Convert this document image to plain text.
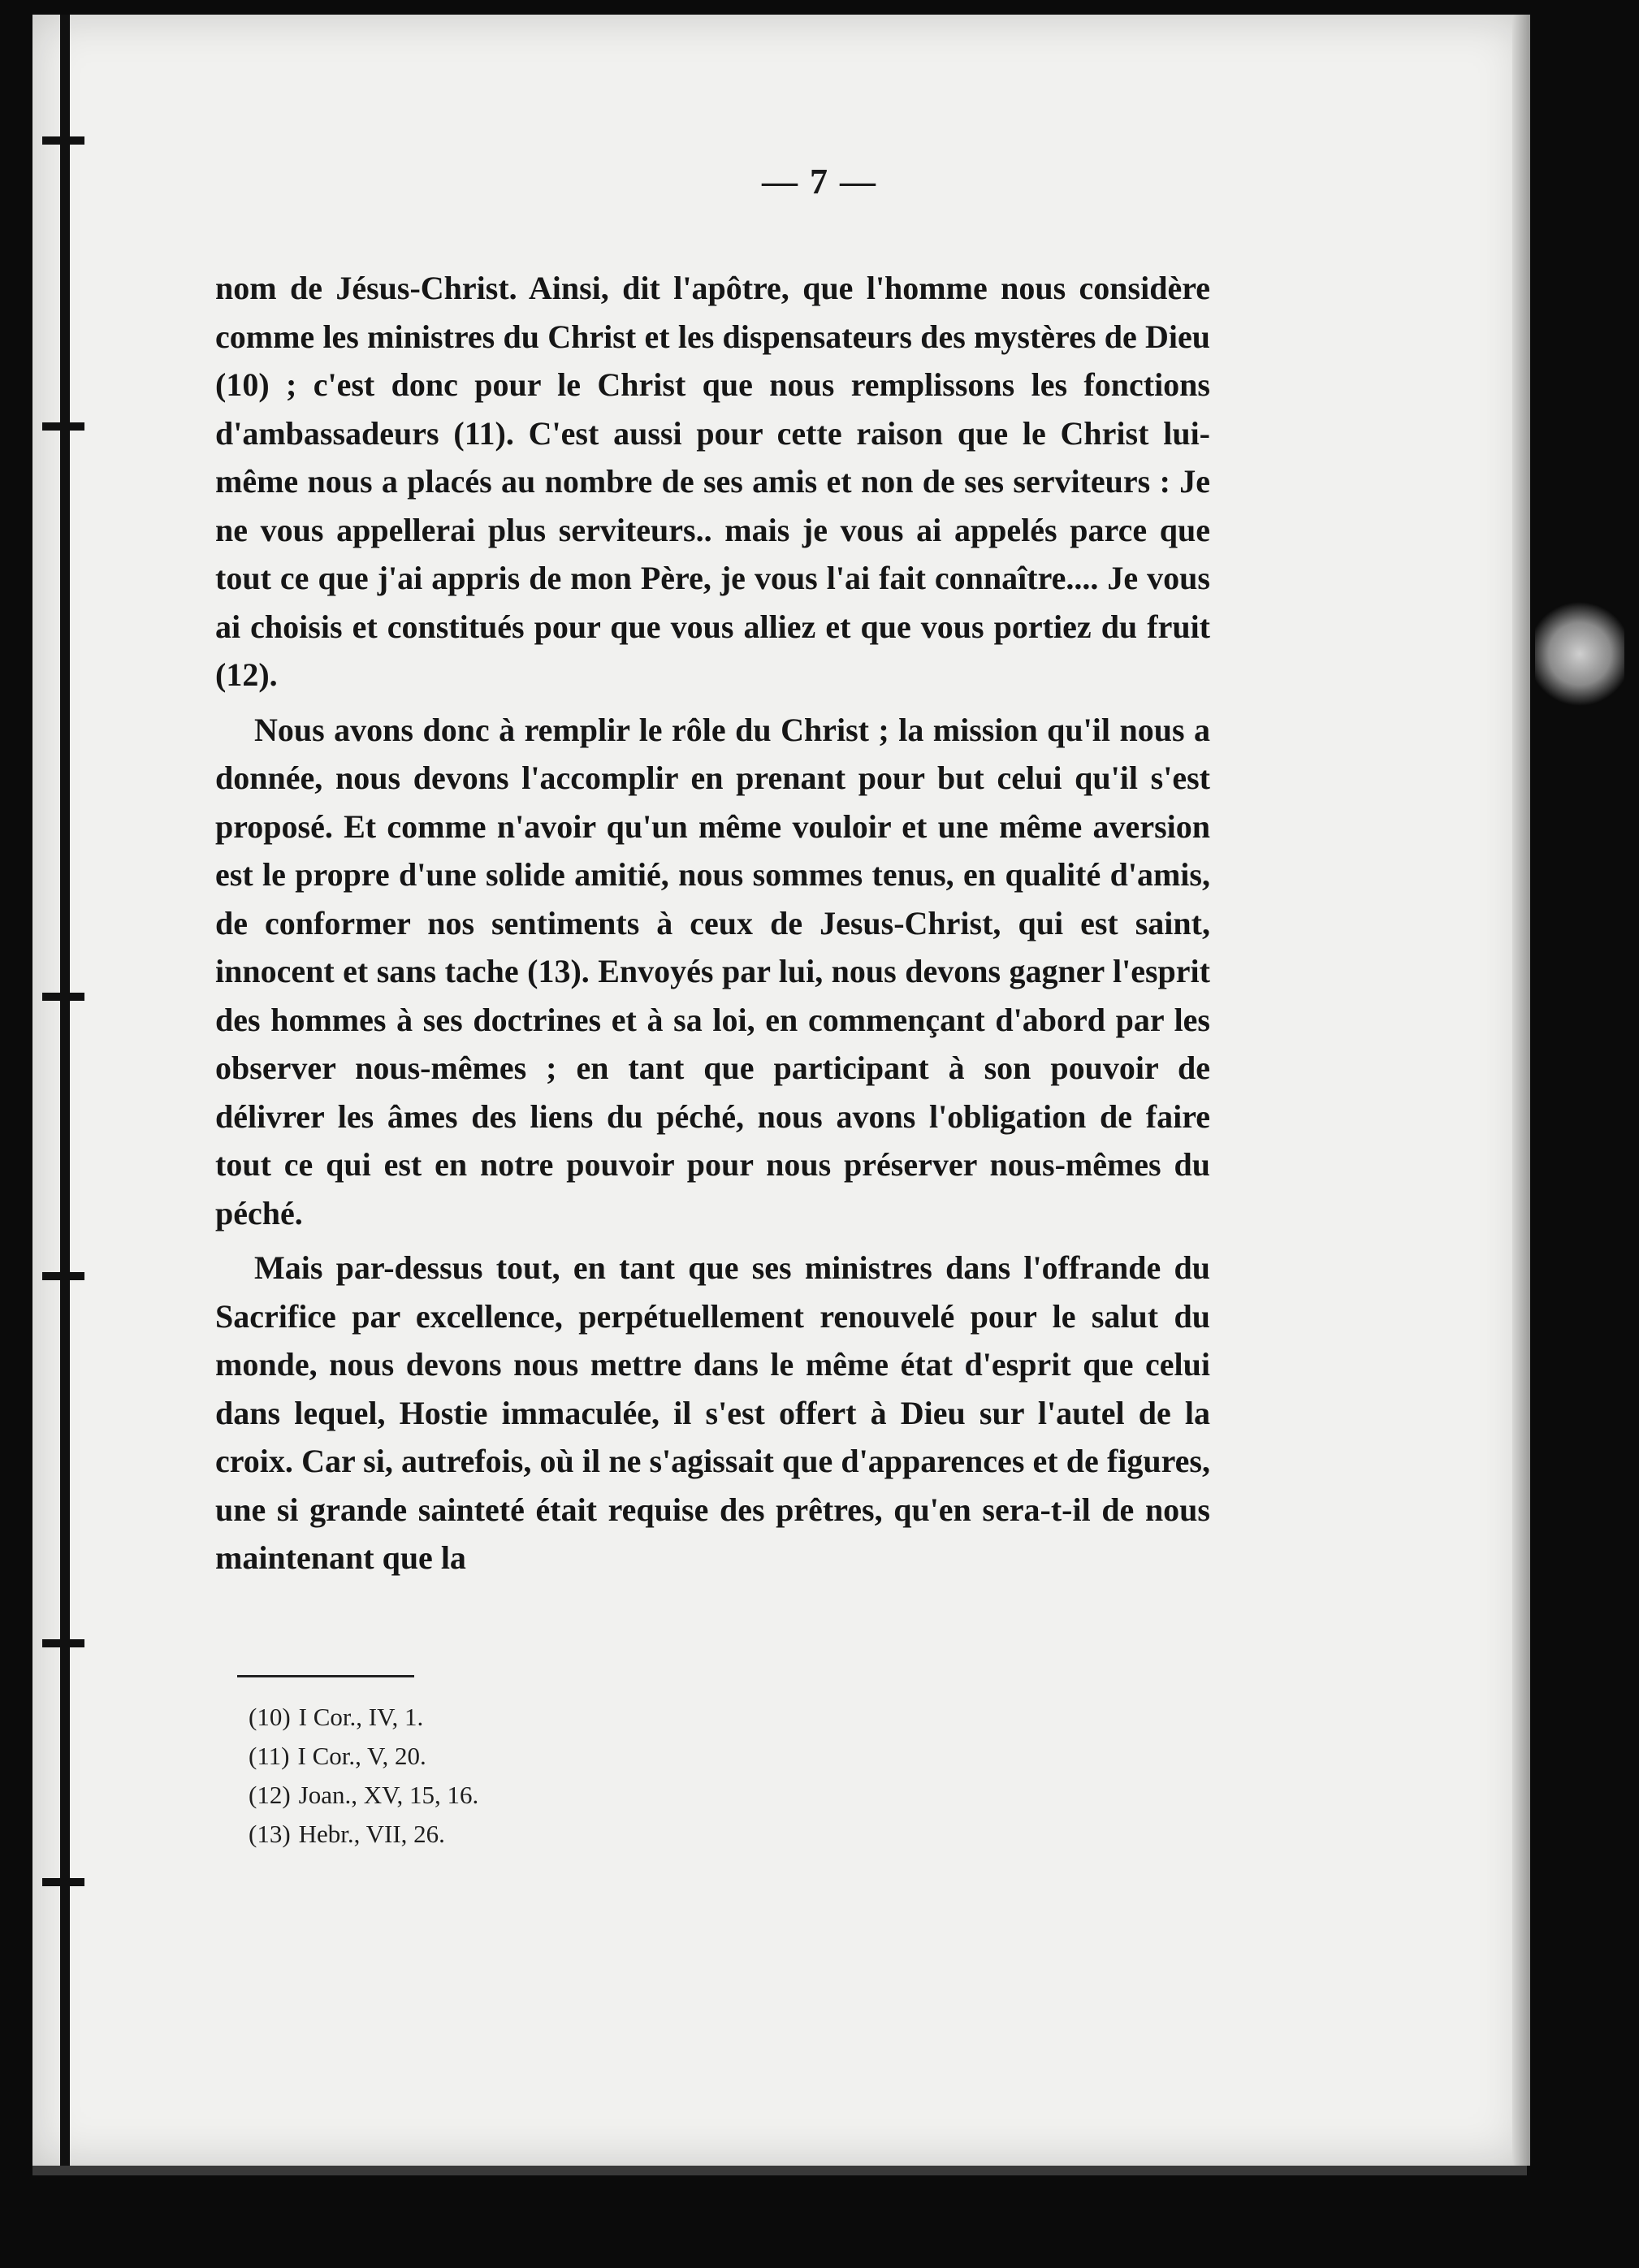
— 7 —

nom de Jésus-Christ. Ainsi, dit l'apôtre, que l'homme nous considère comme les ministres du Christ et les dispensateurs des mystères de Dieu (10) ; c'est donc pour le Christ que nous remplissons les fonctions d'ambassadeurs (11). C'est aussi pour cette raison que le Christ lui-même nous a placés au nombre de ses amis et non de ses serviteurs : Je ne vous appellerai plus serviteurs.. mais je vous ai appelés parce que tout ce que j'ai appris de mon Père, je vous l'ai fait connaître.... Je vous ai choisis et constitués pour que vous alliez et que vous portiez du fruit (12).

Nous avons donc à remplir le rôle du Christ ; la mission qu'il nous a donnée, nous devons l'accomplir en prenant pour but celui qu'il s'est proposé. Et comme n'avoir qu'un même vouloir et une même aversion est le propre d'une solide amitié, nous sommes tenus, en qualité d'amis, de conformer nos sentiments à ceux de Jesus-Christ, qui est saint, innocent et sans tache (13). Envoyés par lui, nous devons gagner l'esprit des hommes à ses doctrines et à sa loi, en commençant d'abord par les observer nous-mêmes ; en tant que participant à son pouvoir de délivrer les âmes des liens du péché, nous avons l'obligation de faire tout ce qui est en notre pouvoir pour nous préserver nous-mêmes du péché.

Mais par-dessus tout, en tant que ses ministres dans l'offrande du Sacrifice par excellence, perpétuellement renouvelé pour le salut du monde, nous devons nous mettre dans le même état d'esprit que celui dans lequel, Hostie immaculée, il s'est offert à Dieu sur l'autel de la croix. Car si, autrefois, où il ne s'agissait que d'apparences et de figures, une si grande sainteté était requise des prêtres, qu'en sera-t-il de nous maintenant que la

(10) I Cor., IV, 1.
(11) I Cor., V, 20.
(12) Joan., XV, 15, 16.
(13) Hebr., VII, 26.
